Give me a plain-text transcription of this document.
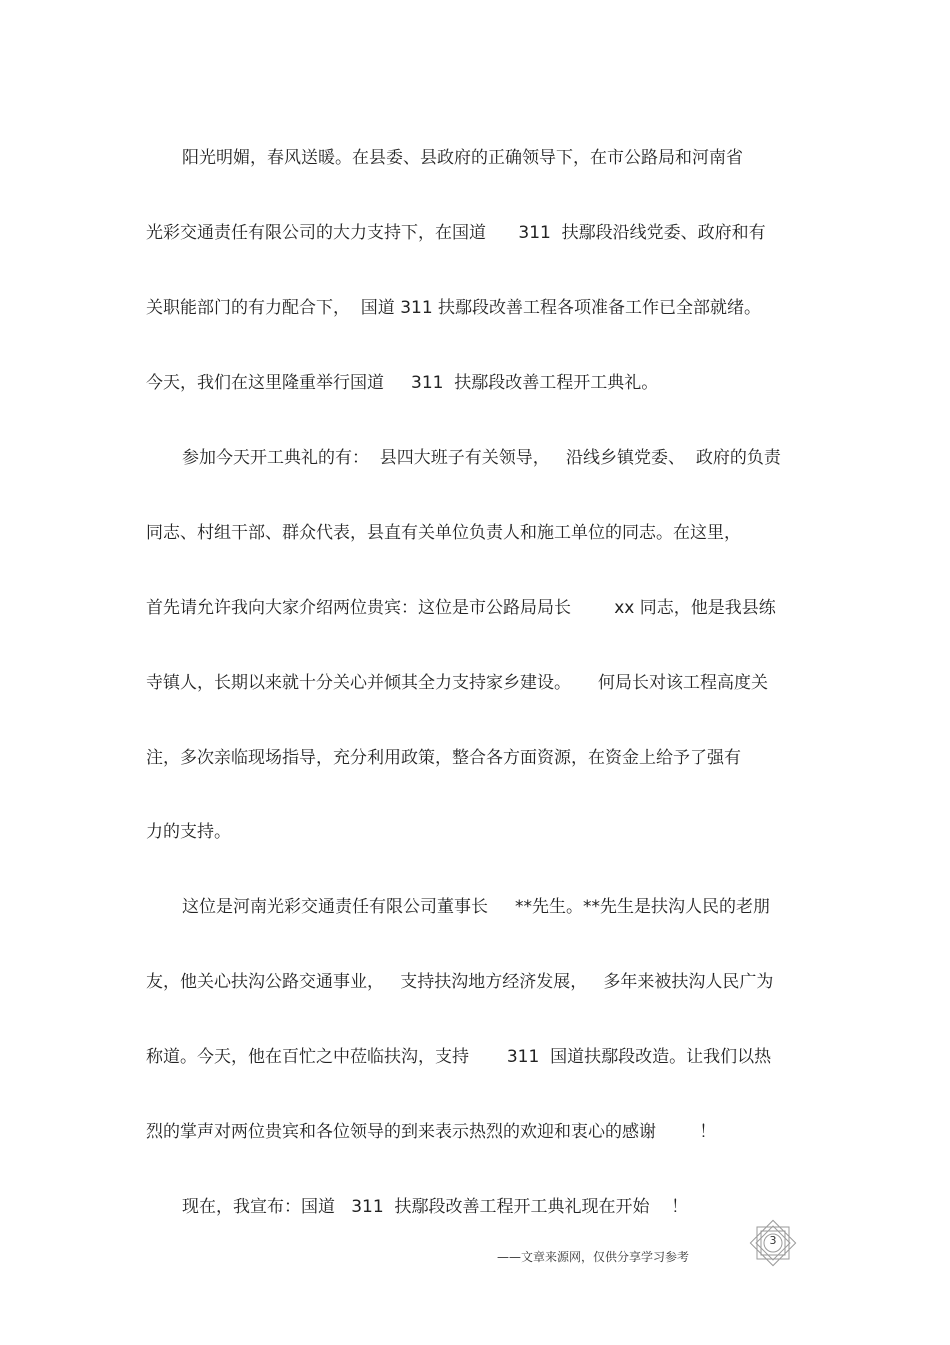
阳光明媚，春风送暖。在县委、县政府的正确领导下，在市公路局和河南省
光彩交通责任有限公司的大力支持下，在国道      311  扶鄢段沿线党委、政府和有
关职能部门的有力配合下，  国道 311 扶鄢段改善工程各项准备工作已全部就绪。
今天，我们在这里隆重举行国道     311  扶鄢段改善工程开工典礼。
参加今天开工典礼的有：  县四大班子有关领导，   沿线乡镇党委、  政府的负责
同志、村组干部、群众代表，县直有关单位负责人和施工单位的同志。在这里，
首先请允许我向大家介绍两位贵宾：这位是市公路局局长        xx 同志，他是我县练
寺镇人，长期以来就十分关心并倾其全力支持家乡建设。     何局长对该工程高度关
注，多次亲临现场指导，充分利用政策，整合各方面资源，在资金上给予了强有
力的支持。
这位是河南光彩交通责任有限公司董事长     **先生。**先生是扶沟人民的老朋
友，他关心扶沟公路交通事业，   支持扶沟地方经济发展，   多年来被扶沟人民广为
称道。今天，他在百忙之中莅临扶沟，支持       311  国道扶鄢段改造。让我们以热
烈的掌声对两位贵宾和各位领导的到来表示热烈的欢迎和衷心的感谢        ！
现在，我宣布：国道   311  扶鄢段改善工程开工典礼现在开始    ！
——文章来源网，仅供分享学习参考
3
